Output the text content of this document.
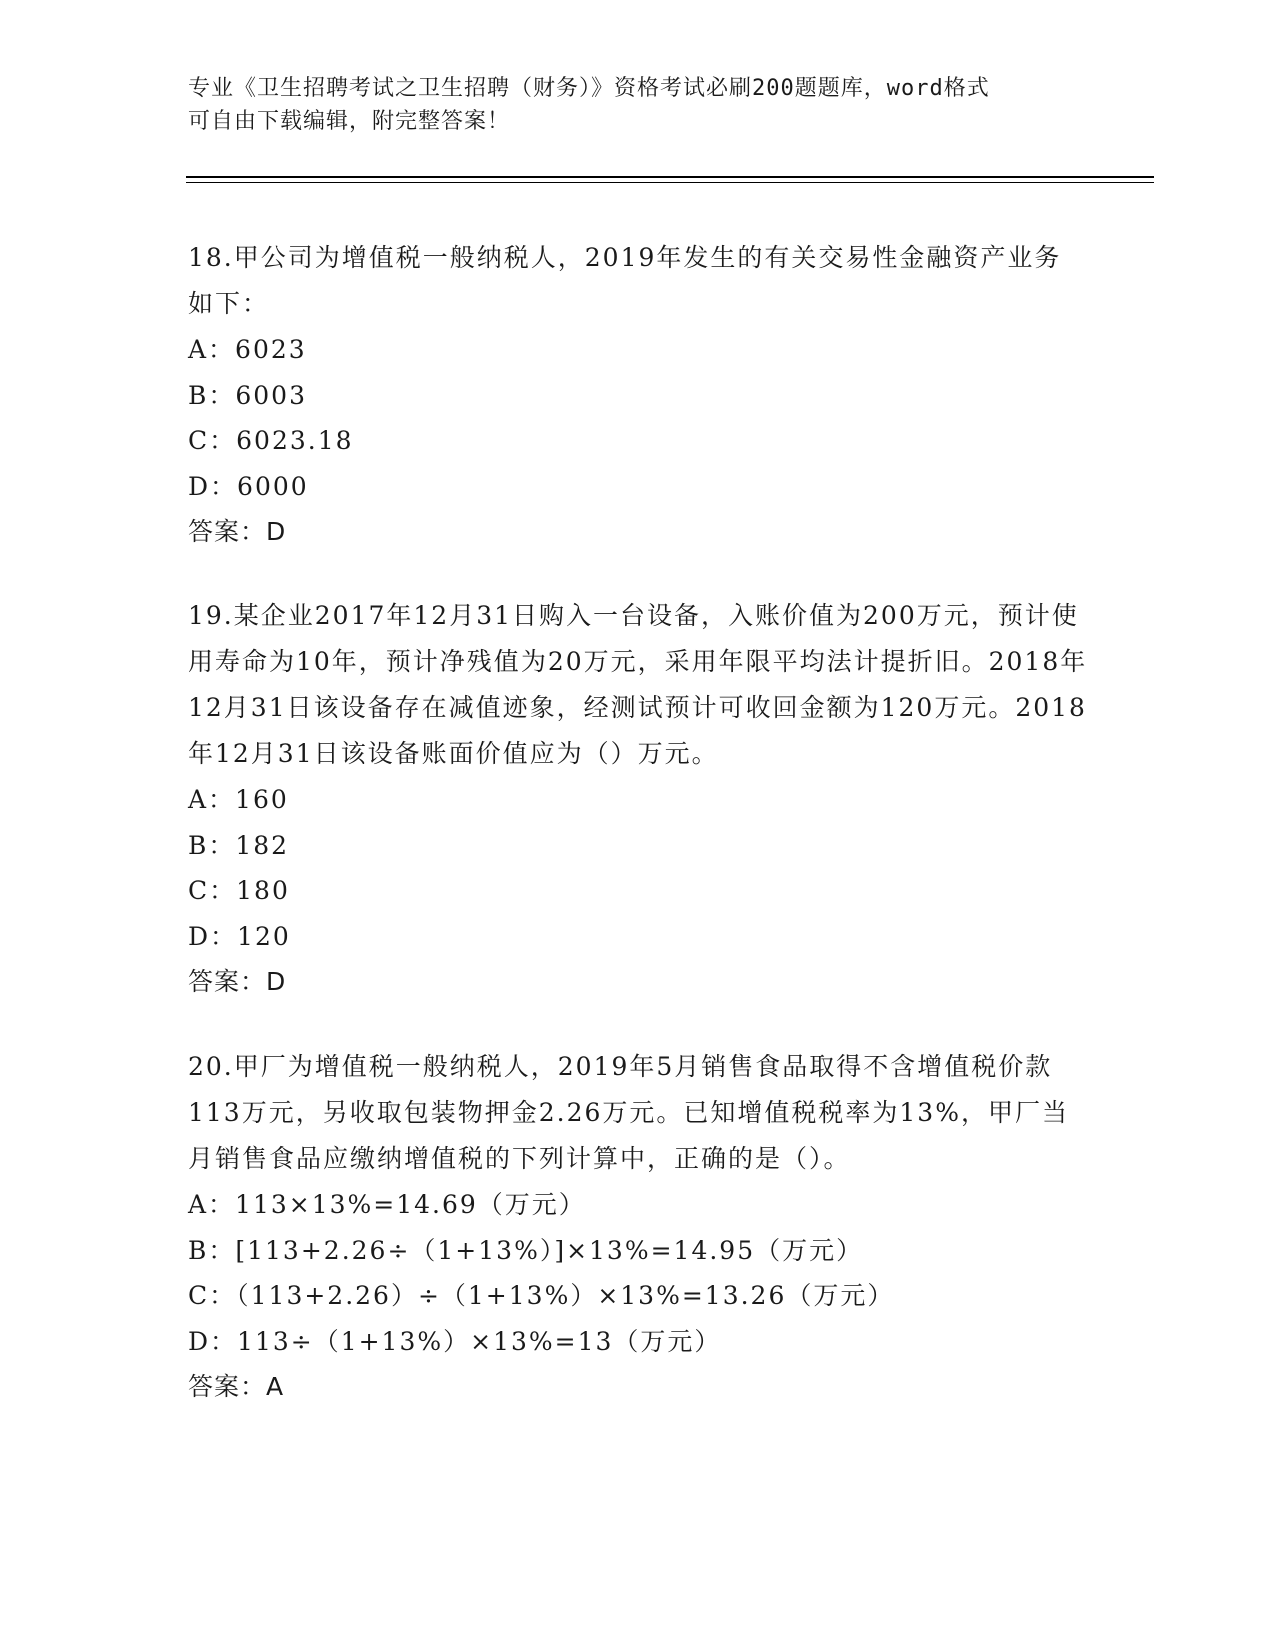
专业《卫生招聘考试之卫生招聘（财务）》资格考试必刷200题题库，word格式
可自由下载编辑，附完整答案！

18.甲公司为增值税一般纳税人，2019年发生的有关交易性金融资产业务如下：

A：6023

B：6003

C：6023.18

D：6000

答案：D

19.某企业2017年12月31日购入一台设备，入账价值为200万元，预计使用寿命为10年，预计净残值为20万元，采用年限平均法计提折旧。2018年12月31日该设备存在减值迹象，经测试预计可收回金额为120万元。2018年12月31日该设备账面价值应为（）万元。

A：160

B：182

C：180

D：120

答案：D

20.甲厂为增值税一般纳税人，2019年5月销售食品取得不含增值税价款113万元，另收取包装物押金2.26万元。已知增值税税率为13%，甲厂当月销售食品应缴纳增值税的下列计算中，正确的是（）。

A：113×13%=14.69（万元）

B：[113+2.26÷（1+13%）]×13%=14.95（万元）

C：（113+2.26）÷（1+13%）×13%=13.26（万元）

D：113÷（1+13%）×13%=13（万元）

答案：A
